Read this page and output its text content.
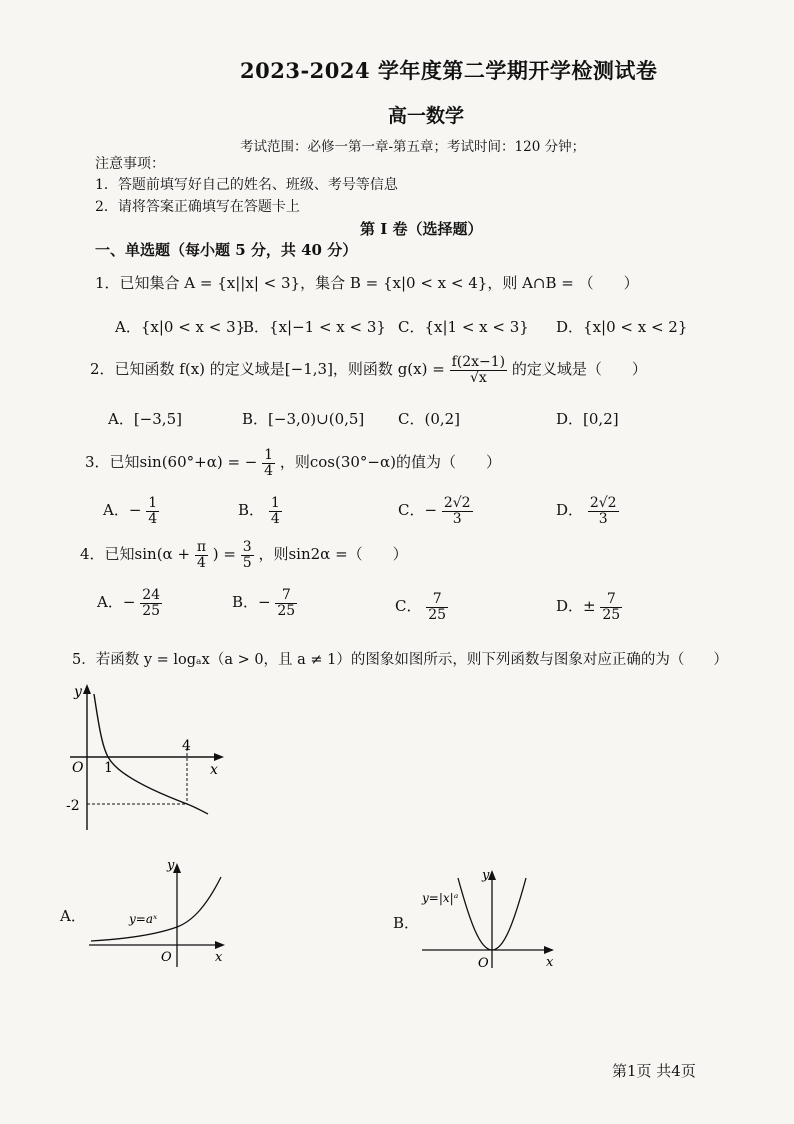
2023-2024 学年度第二学期开学检测试卷
高一数学
考试范围：必修一第一章-第五章；考试时间：120 分钟；
注意事项：
1．答题前填写好自己的姓名、班级、考号等信息
2．请将答案正确填写在答题卡上
第 I 卷（选择题）
一、单选题（每小题 5 分，共 40 分）
1．已知集合 A = {x||x| < 3}，集合 B = {x|0 < x < 4}，则 A∩B = （　　）
A．{x|0 < x < 3}
B．{x|−1 < x < 3} C．{x|1 < x < 3} D．{x|0 < x < 2}
2．已知函数 f(x) 的定义域是[−1,3]，则函数 $g(x) = \frac{f(2x-1)}{√x}$ 的定义域是（　　）
A．[−3,5]	B．[−3,0)∪(0,5] C．(0,2]	D．[0,2]
3．已知sin(60°+α) = − $\frac{1}{4}$ ，则cos(30°−α)的值为（　　）
A．− $\frac{1}{4}$	B． $\frac{1}{4}$	C．− $\frac{2√2}{3}$	D． $\frac{2√2}{3}$
4．已知$\sin(\alpha + \frac{\pi}{4}$ ) = $\frac{3}{5}$ ，则sin2α =（　　）
A．− $\frac{24}{25}$	B．− $\frac{7}{25}$	C． $\frac{7}{25}$	D．± $\frac{7}{25}$
5．若函数 y = logₐx（a > 0，且 a ≠ 1）的图象如图所示，则下列函数与图象对应正确的为（　　）
y
x
O 1
4
-2
A．	y=aˣ
y
x
O
B．
y=|x|ᵃ
y
x
O
第1页 共4页
